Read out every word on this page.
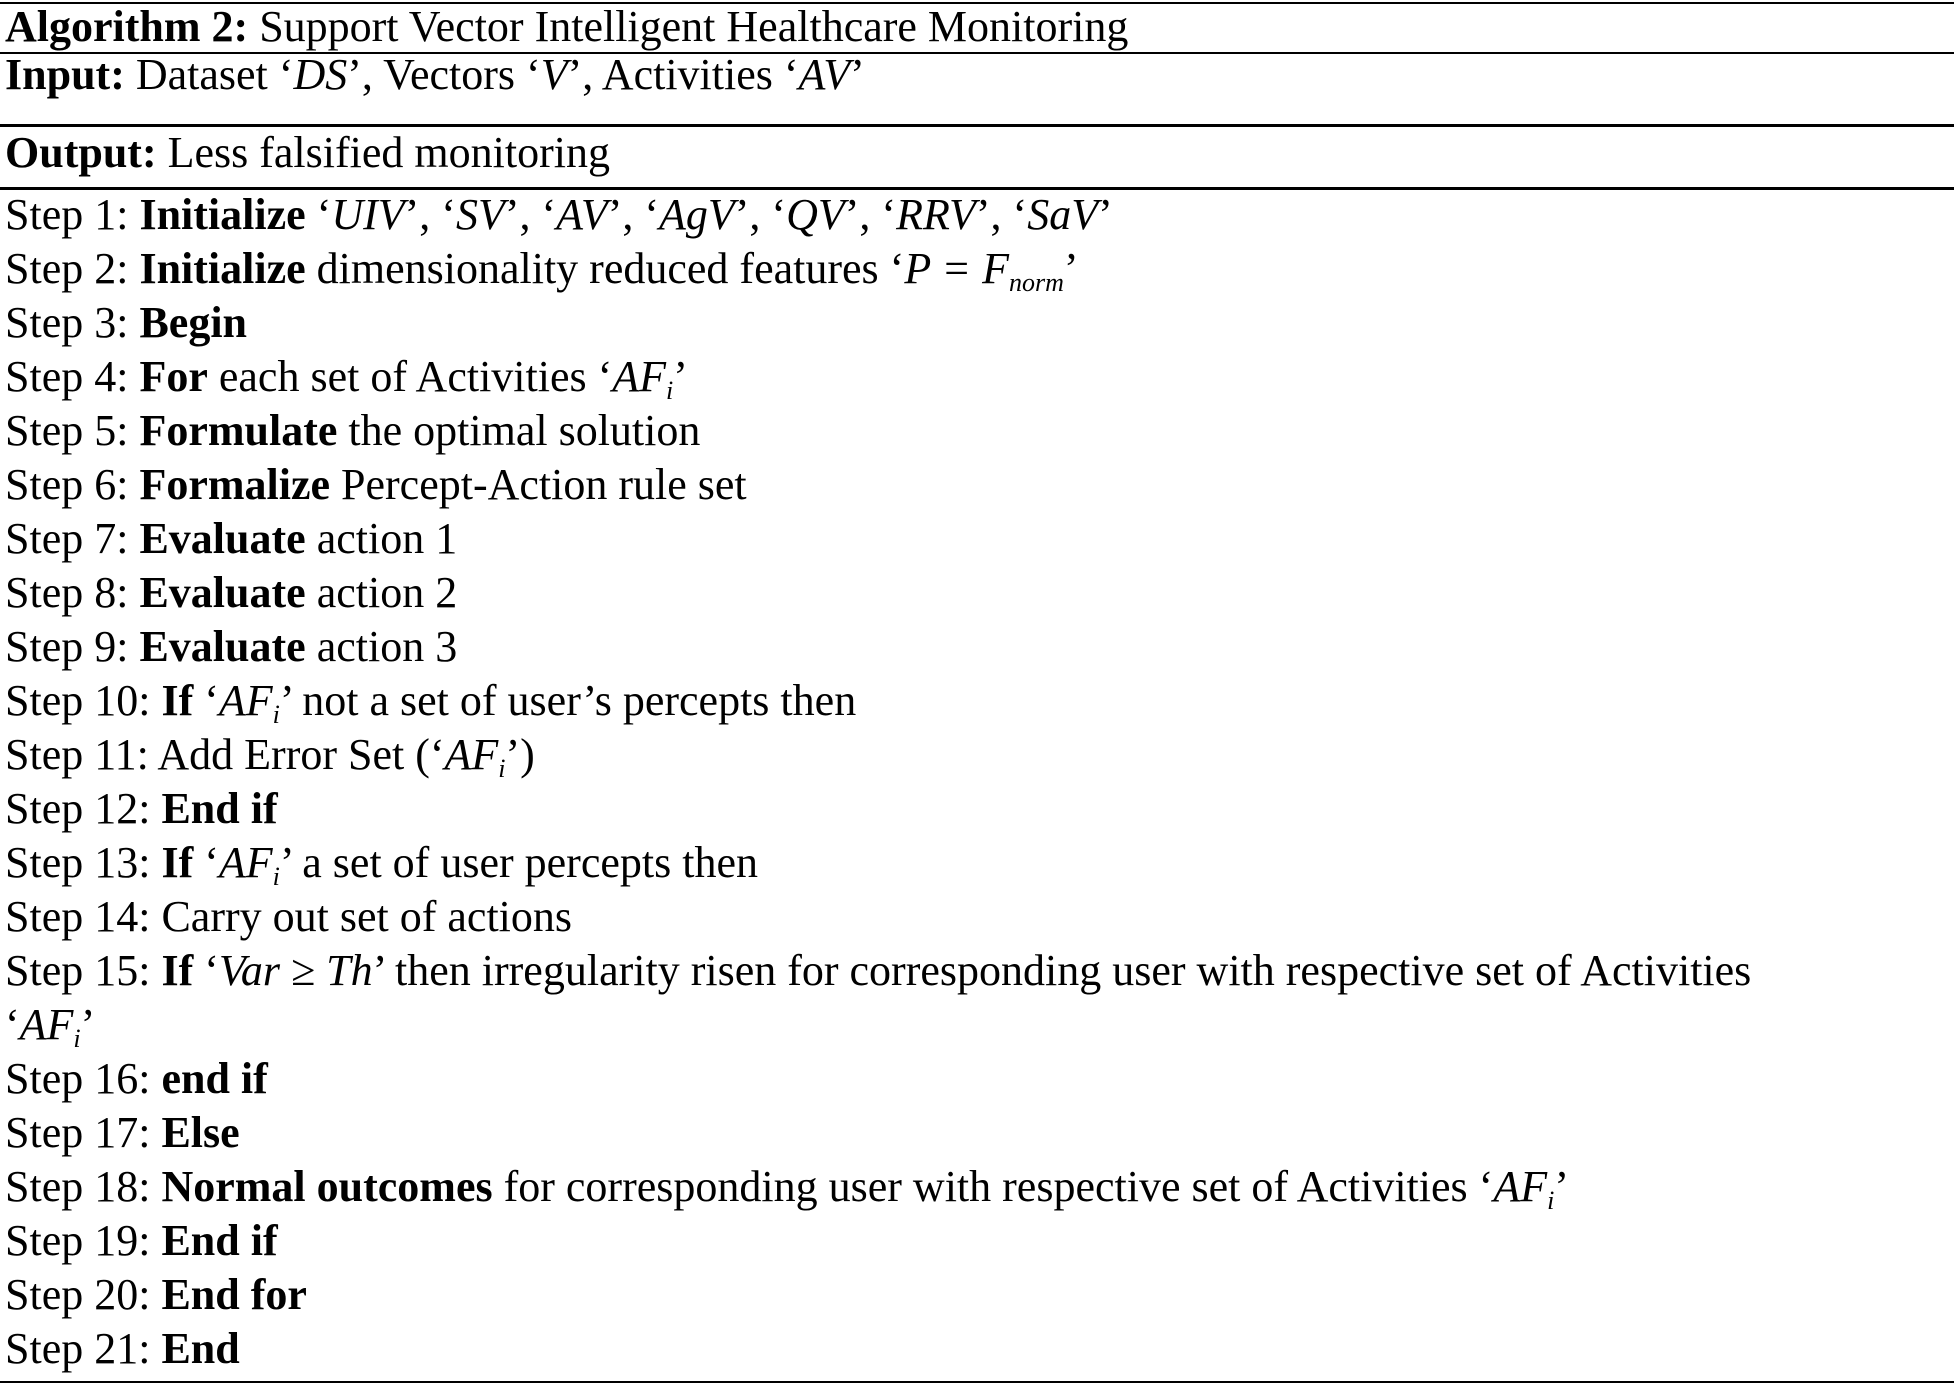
Algorithm 2: Support Vector Intelligent Healthcare Monitoring
Input: Dataset ‘DS’, Vectors ‘V’, Activities ‘AV’
Output: Less falsified monitoring
Step 1: Initialize ‘UIV’, ‘SV’, ‘AV’, ‘AgV’, ‘QV’, ‘RRV’, ‘SaV’
Step 2: Initialize dimensionality reduced features ‘$P = F_{norm}$’
Step 3: Begin
Step 4: For each set of Activities ‘$AF_i$’
Step 5: Formulate the optimal solution
Step 6: Formalize Percept-Action rule set
Step 7: Evaluate action 1
Step 8: Evaluate action 2
Step 9: Evaluate action 3
Step 10: If ‘$AF_i$’ not a set of user’s percepts then
Step 11: Add Error Set $(‘AF_i’)$
Step 12: End if
Step 13: If ‘$AF_i$’ a set of user percepts then
Step 14: Carry out set of actions
Step 15: If ‘Var ≥ Th’ then irregularity risen for corresponding user with respective set of Activities
‘$AF_i$’
Step 16: end if
Step 17: Else
Step 18: Normal outcomes for corresponding user with respective set of Activities ‘$AF_i$’
Step 19: End if
Step 20: End for
Step 21: End
